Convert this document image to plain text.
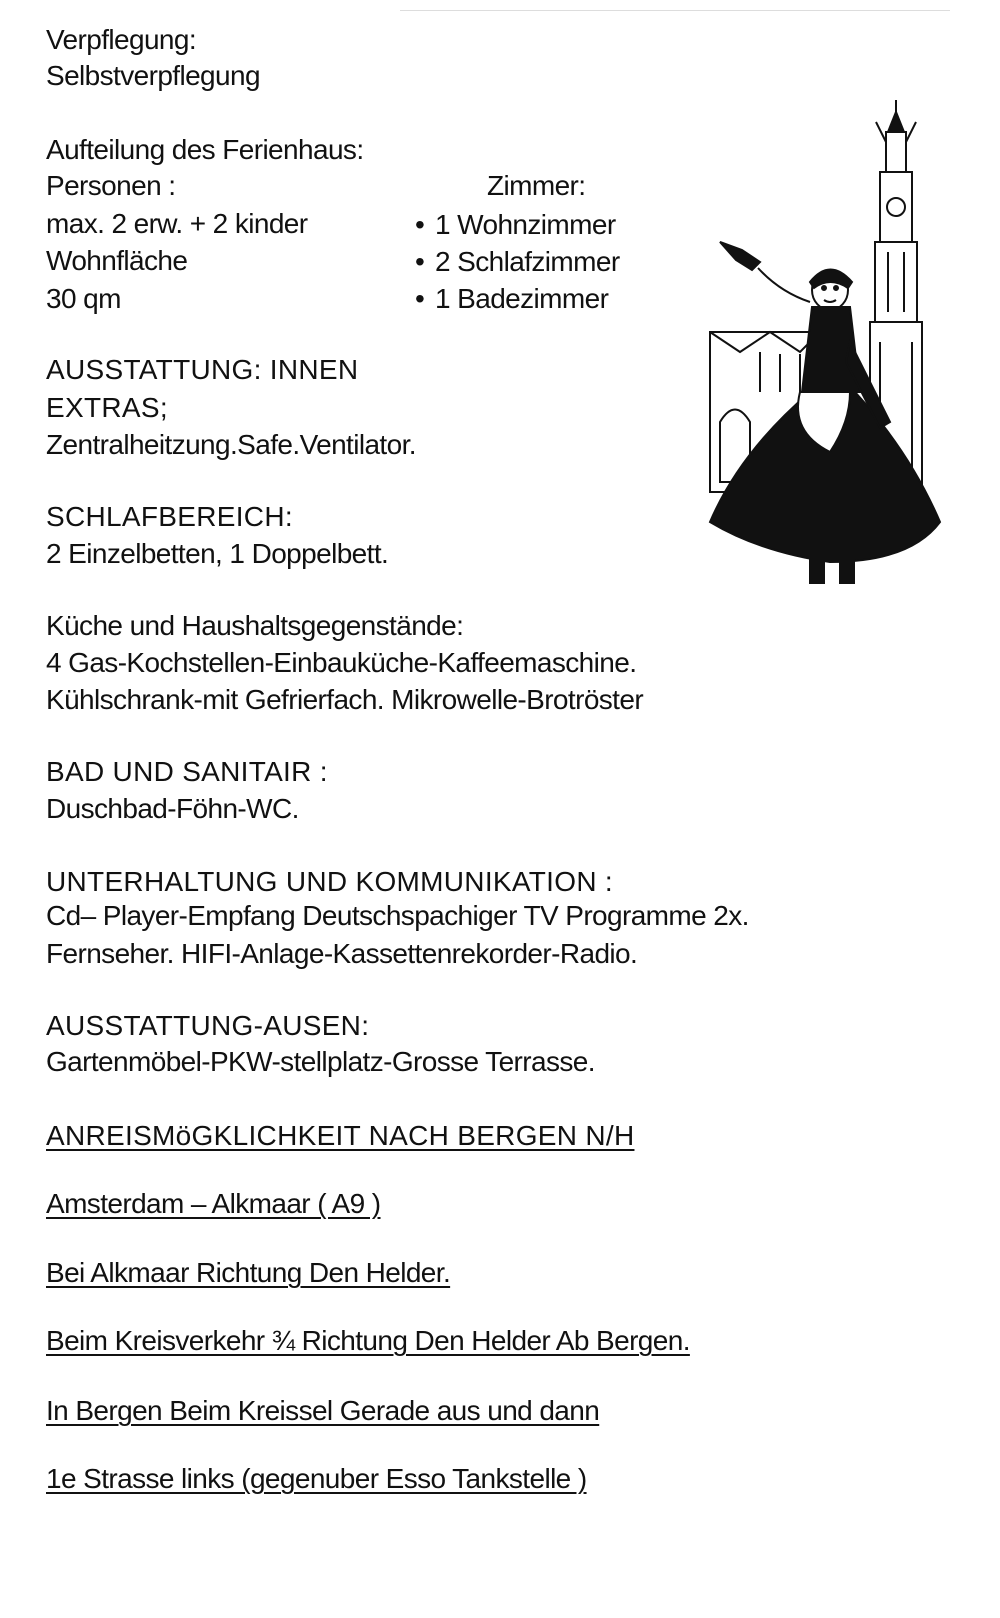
Verpflegung:

Selbstverpflegung

Aufteilung des Ferienhaus:

Personen :	Zimmer:

max. 2 erw. + 2 kinder

Wohnfläche

30 qm

• 1 Wohnzimmer
• 2 Schlafzimmer
• 1 Badezimmer

AUSSTATTUNG: INNEN

EXTRAS;

Zentralheitzung.Safe.Ventilator.

SCHLAFBEREICH:

2 Einzelbetten, 1 Doppelbett.

Küche und Haushaltsgegenstände:

4 Gas-Kochstellen-Einbauküche-Kaffeemaschine.

Kühlschrank-mit Gefrierfach. Mikrowelle-Brotröster

BAD UND SANITAIR :

Duschbad-Föhn-WC.

UNTERHALTUNG UND KOMMUNIKATION :

Cd– Player-Empfang Deutschspachiger TV Programme 2x.

Fernseher. HIFI-Anlage-Kassettenrekorder-Radio.

AUSSTATTUNG-AUSEN:

Gartenmöbel-PKW-stellplatz-Grosse Terrasse.

ANREISMöGKLICHKEIT NACH BERGEN N/H

Amsterdam – Alkmaar ( A9 )

Bei Alkmaar Richtung Den Helder.

Beim Kreisverkehr ¾ Richtung Den Helder Ab Bergen.

In Bergen Beim Kreissel Gerade aus und dann

1e Strasse links (gegenuber Esso Tankstelle )
